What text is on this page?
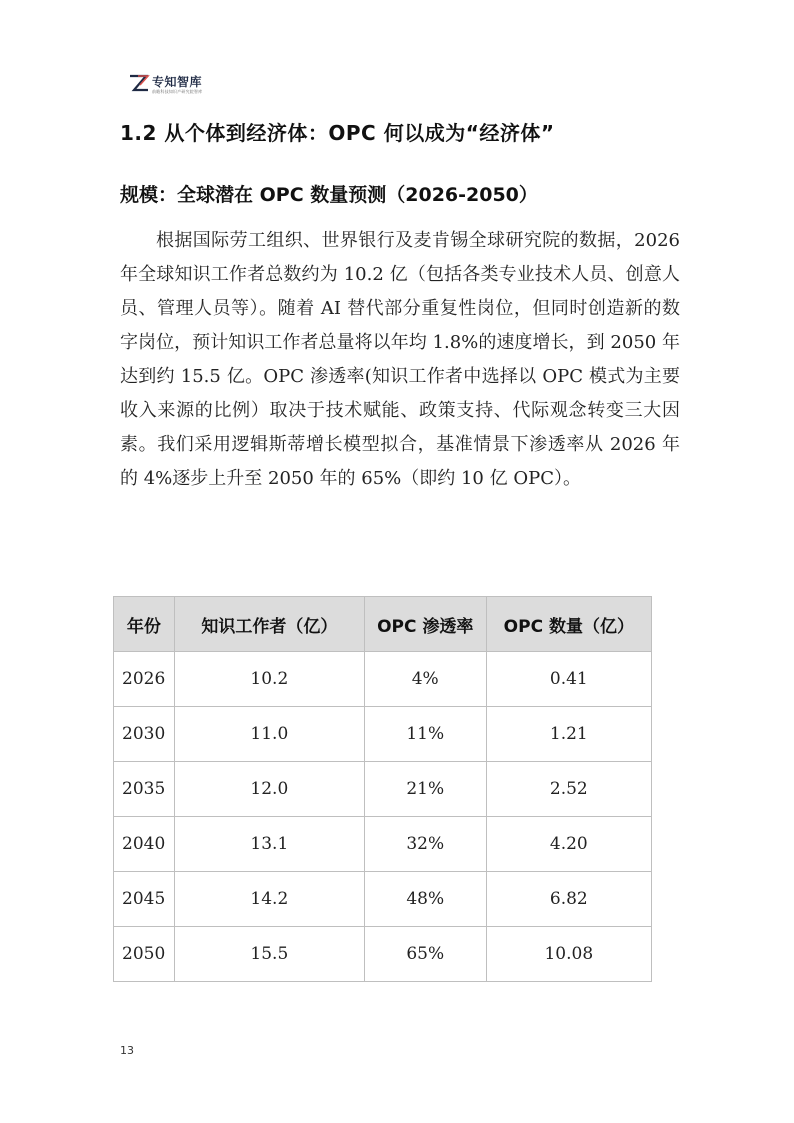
专知智库
前瞻科技知识产研究院智库
1.2 从个体到经济体：OPC 何以成为“经济体”
规模：全球潜在 OPC 数量预测（2026-2050）

根据国际劳工组织、世界银行及麦肯锡全球研究院的数据，2026 年全球知识工作者总数约为 10.2 亿（包括各类专业技术人员、创意人员、管理人员等）。随着 AI 替代部分重复性岗位，但同时创造新的数字岗位，预计知识工作者总量将以年均 1.8%的速度增长，到 2050 年达到约 15.5 亿。OPC 渗透率(知识工作者中选择以 OPC 模式为主要收入来源的比例）取决于技术赋能、政策支持、代际观念转变三大因素。我们采用逻辑斯蒂增长模型拟合，基准情景下渗透率从 2026 年的 4%逐步上升至 2050 年的 65%（即约 10 亿 OPC）。

年份	知识工作者（亿）	OPC 渗透率	OPC 数量（亿）
2026	10.2	4%	0.41
2030	11.0	11%	1.21
2035	12.0	21%	2.52
2040	13.1	32%	4.20
2045	14.2	48%	6.82
2050	15.5	65%	10.08
13
